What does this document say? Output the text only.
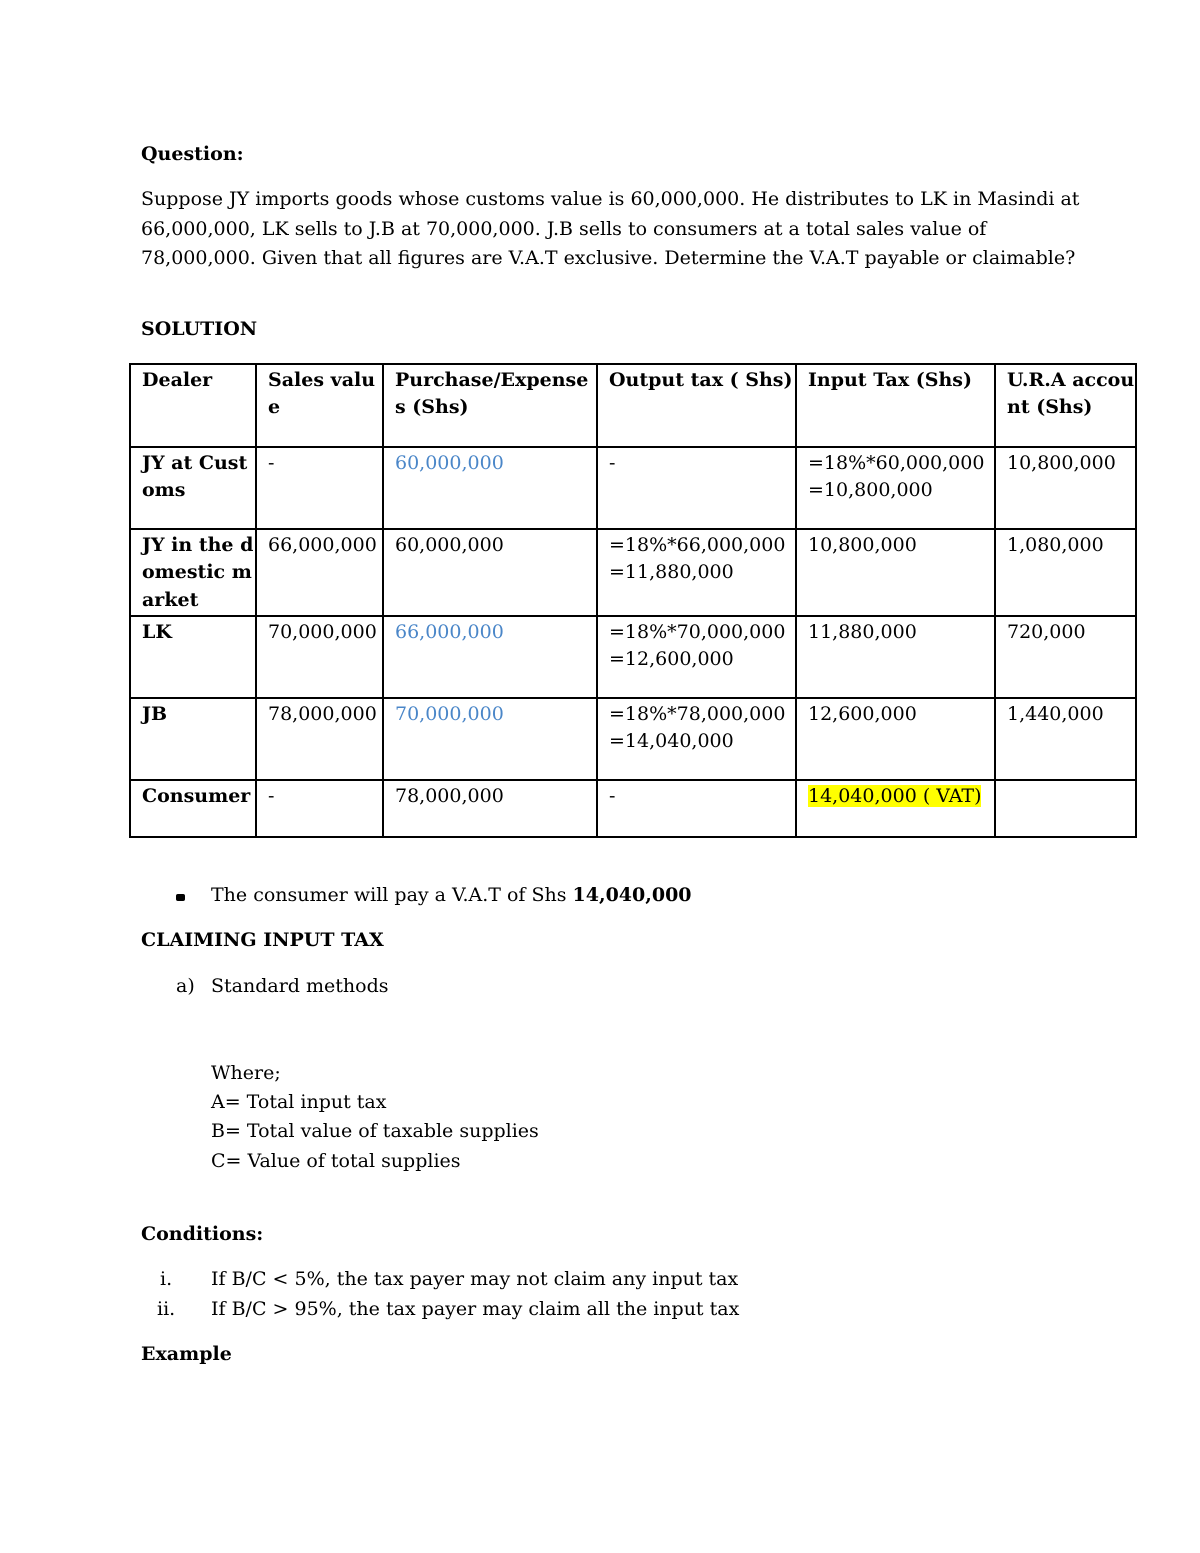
Question:
Suppose JY imports goods whose customs value is 60,000,000. He distributes to LK in Masindi at 66,000,000, LK sells to J.B at 70,000,000. J.B sells to consumers at a total sales value of 78,000,000. Given that all figures are V.A.T exclusive. Determine the V.A.T payable or claimable?
SOLUTION
Dealer	Sales value	Purchase/Expenses (Shs)	Output tax ( Shs)	Input Tax (Shs)	U.R.A account (Shs)
JY at Customs	-	60,000,000	-	=18%*60,000,000 =10,800,000	10,800,000
JY in the domestic market	66,000,000	60,000,000	=18%*66,000,000 =11,880,000	10,800,000	1,080,000
LK	70,000,000	66,000,000	=18%*70,000,000 =12,600,000	11,880,000	720,000
JB	78,000,000	70,000,000	=18%*78,000,000 =14,040,000	12,600,000	1,440,000
Consumer	-	78,000,000	-	14,040,000 ( VAT)	
The consumer will pay a V.A.T of Shs 14,040,000
CLAIMING INPUT TAX
a) Standard methods
Where;
A= Total input tax
B= Total value of taxable supplies
C= Value of total supplies
Conditions:
i. If B/C < 5%, the tax payer may not claim any input tax
ii. If B/C > 95%, the tax payer may claim all the input tax
Example
